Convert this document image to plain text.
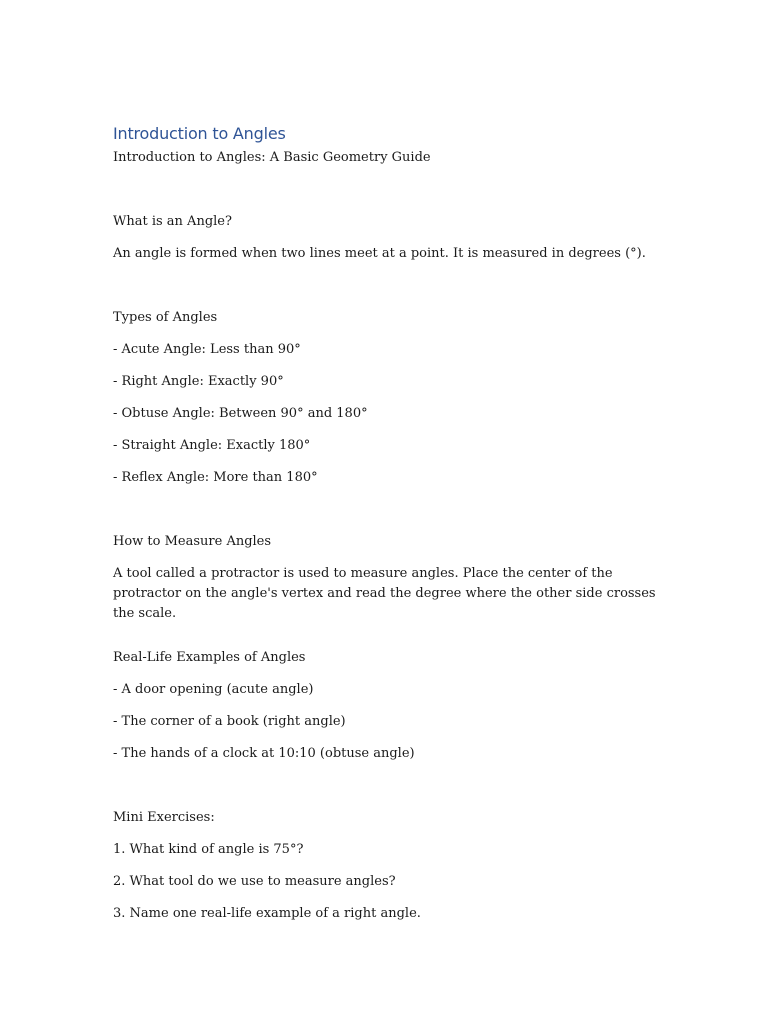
Introduction to Angles

Introduction to Angles: A Basic Geometry Guide

What is an Angle?

An angle is formed when two lines meet at a point. It is measured in degrees (°).

Types of Angles

- Acute Angle: Less than 90°

- Right Angle: Exactly 90°

- Obtuse Angle: Between 90° and 180°

- Straight Angle: Exactly 180°

- Reflex Angle: More than 180°

How to Measure Angles

A tool called a protractor is used to measure angles. Place the center of the protractor on the angle's vertex and read the degree where the other side crosses the scale.

Real-Life Examples of Angles

- A door opening (acute angle)

- The corner of a book (right angle)

- The hands of a clock at 10:10 (obtuse angle)

Mini Exercises:

1. What kind of angle is 75°?

2. What tool do we use to measure angles?

3. Name one real-life example of a right angle.
